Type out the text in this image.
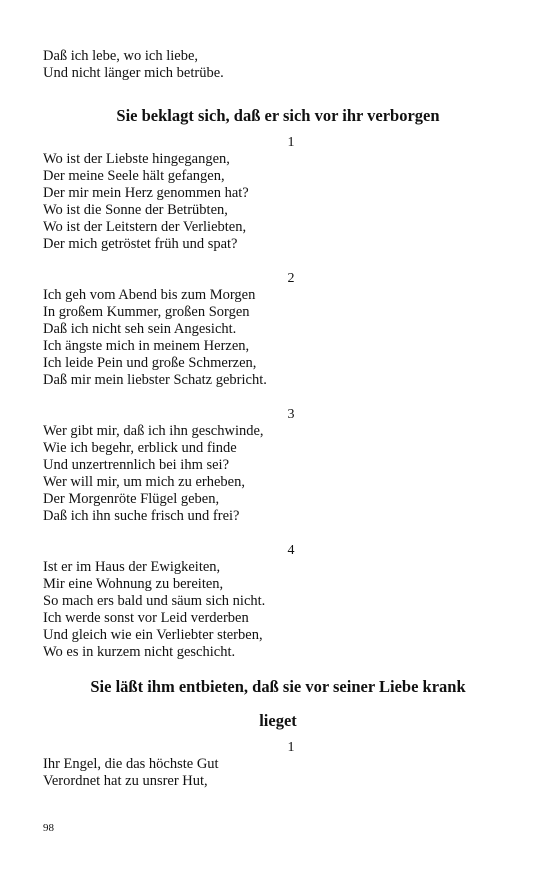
Daß ich lebe, wo ich liebe,
Und nicht länger mich betrübe.
Sie beklagt sich, daß er sich vor ihr verborgen
1
Wo ist der Liebste hingegangen,
Der meine Seele hält gefangen,
Der mir mein Herz genommen hat?
Wo ist die Sonne der Betrübten,
Wo ist der Leitstern der Verliebten,
Der mich getröstet früh und spat?
2
Ich geh vom Abend bis zum Morgen
In großem Kummer, großen Sorgen
Daß ich nicht seh sein Angesicht.
Ich ängste mich in meinem Herzen,
Ich leide Pein und große Schmerzen,
Daß mir mein liebster Schatz gebricht.
3
Wer gibt mir, daß ich ihn geschwinde,
Wie ich begehr, erblick und finde
Und unzertrennlich bei ihm sei?
Wer will mir, um mich zu erheben,
Der Morgenröte Flügel geben,
Daß ich ihn suche frisch und frei?
4
Ist er im Haus der Ewigkeiten,
Mir eine Wohnung zu bereiten,
So mach ers bald und säum sich nicht.
Ich werde sonst vor Leid verderben
Und gleich wie ein Verliebter sterben,
Wo es in kurzem nicht geschicht.
Sie läßt ihm entbieten, daß sie vor seiner Liebe krank
lieget
1
Ihr Engel, die das höchste Gut
Verordnet hat zu unsrer Hut,
98
